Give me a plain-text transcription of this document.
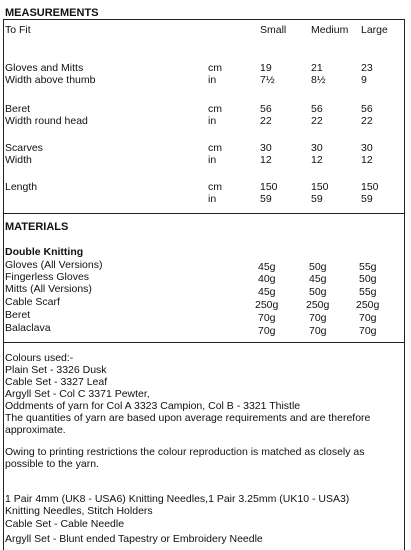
MEASUREMENTS
To Fit	Small Medium Large
Gloves and Mitts	cm	19	21	23
Width above thumb	in	7½	8½	9
Beret	cm	56	56	56
Width round head	in	22	22	22
Scarves	cm	30	30	30
Width	in	12	12	12
Length	cm	150	150	150
in	59	59	59
MATERIALS
Double Knitting
Gloves (All Versions)	45g	50g	55g
Fingerless Gloves	40g	45g	50g
Mitts (All Versions)	45g	50g	55g
Cable Scarf	250g	250g	250g
Beret	70g	70g	70g
Balaclava	70g	70g	70g
Colours used:-
Plain Set - 3326 Dusk
Cable Set - 3327 Leaf
Argyll Set - Col C 3371 Pewter,
Oddments of yarn for Col A 3323 Campion, Col B - 3321 Thistle
The quantities of yarn are based upon average requirements and are therefore approximate.
Owing to printing restrictions the colour reproduction is matched as closely as possible to the yarn.
1 Pair 4mm (UK8 - USA6) Knitting Needles,1 Pair 3.25mm (UK10 - USA3)
Knitting Needles, Stitch Holders
Cable Set - Cable Needle
Argyll Set - Blunt ended Tapestry or Embroidery Needle
